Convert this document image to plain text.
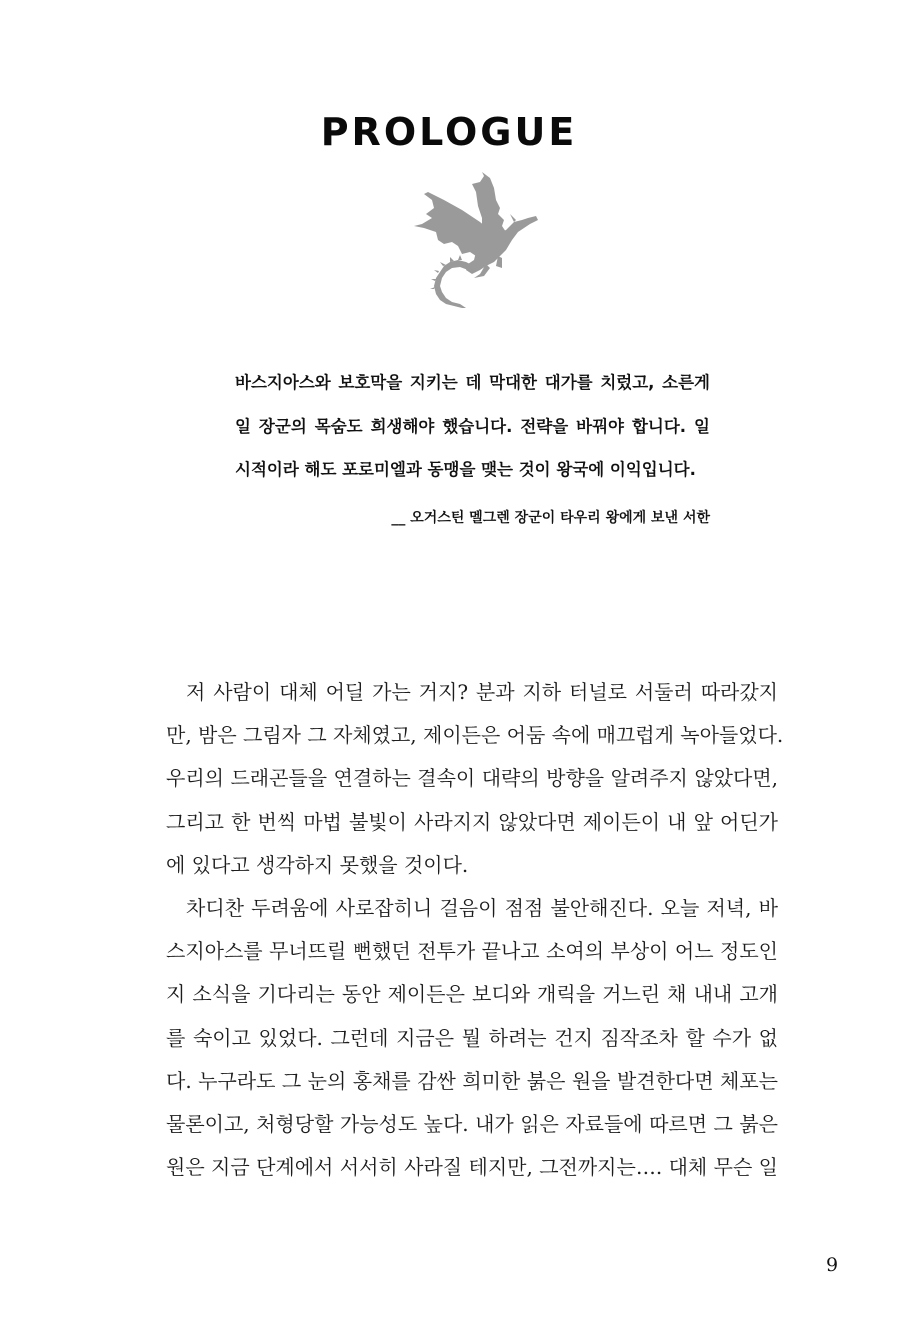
PROLOGUE
바스지아스와 보호막을 지키는 데 막대한 대가를 치렀고, 소른게
일 장군의 목숨도 희생해야 했습니다. 전략을 바꿔야 합니다. 일
시적이라 해도 포로미엘과 동맹을 맺는 것이 왕국에 이익입니다.
__ 오거스틴 멜그렌 장군이 타우리 왕에게 보낸 서한
저 사람이 대체 어딜 가는 거지? 분과 지하 터널로 서둘러 따라갔지
만, 밤은 그림자 그 자체였고, 제이든은 어둠 속에 매끄럽게 녹아들었다.
우리의 드래곤들을 연결하는 결속이 대략의 방향을 알려주지 않았다면,
그리고 한 번씩 마법 불빛이 사라지지 않았다면 제이든이 내 앞 어딘가
에 있다고 생각하지 못했을 것이다.
차디찬 두려움에 사로잡히니 걸음이 점점 불안해진다. 오늘 저녁, 바
스지아스를 무너뜨릴 뻔했던 전투가 끝나고 소여의 부상이 어느 정도인
지 소식을 기다리는 동안 제이든은 보디와 개릭을 거느린 채 내내 고개
를 숙이고 있었다. 그런데 지금은 뭘 하려는 건지 짐작조차 할 수가 없
다. 누구라도 그 눈의 홍채를 감싼 희미한 붉은 원을 발견한다면 체포는
물론이고, 처형당할 가능성도 높다. 내가 읽은 자료들에 따르면 그 붉은
원은 지금 단계에서 서서히 사라질 테지만, 그전까지는…. 대체 무슨 일
9
